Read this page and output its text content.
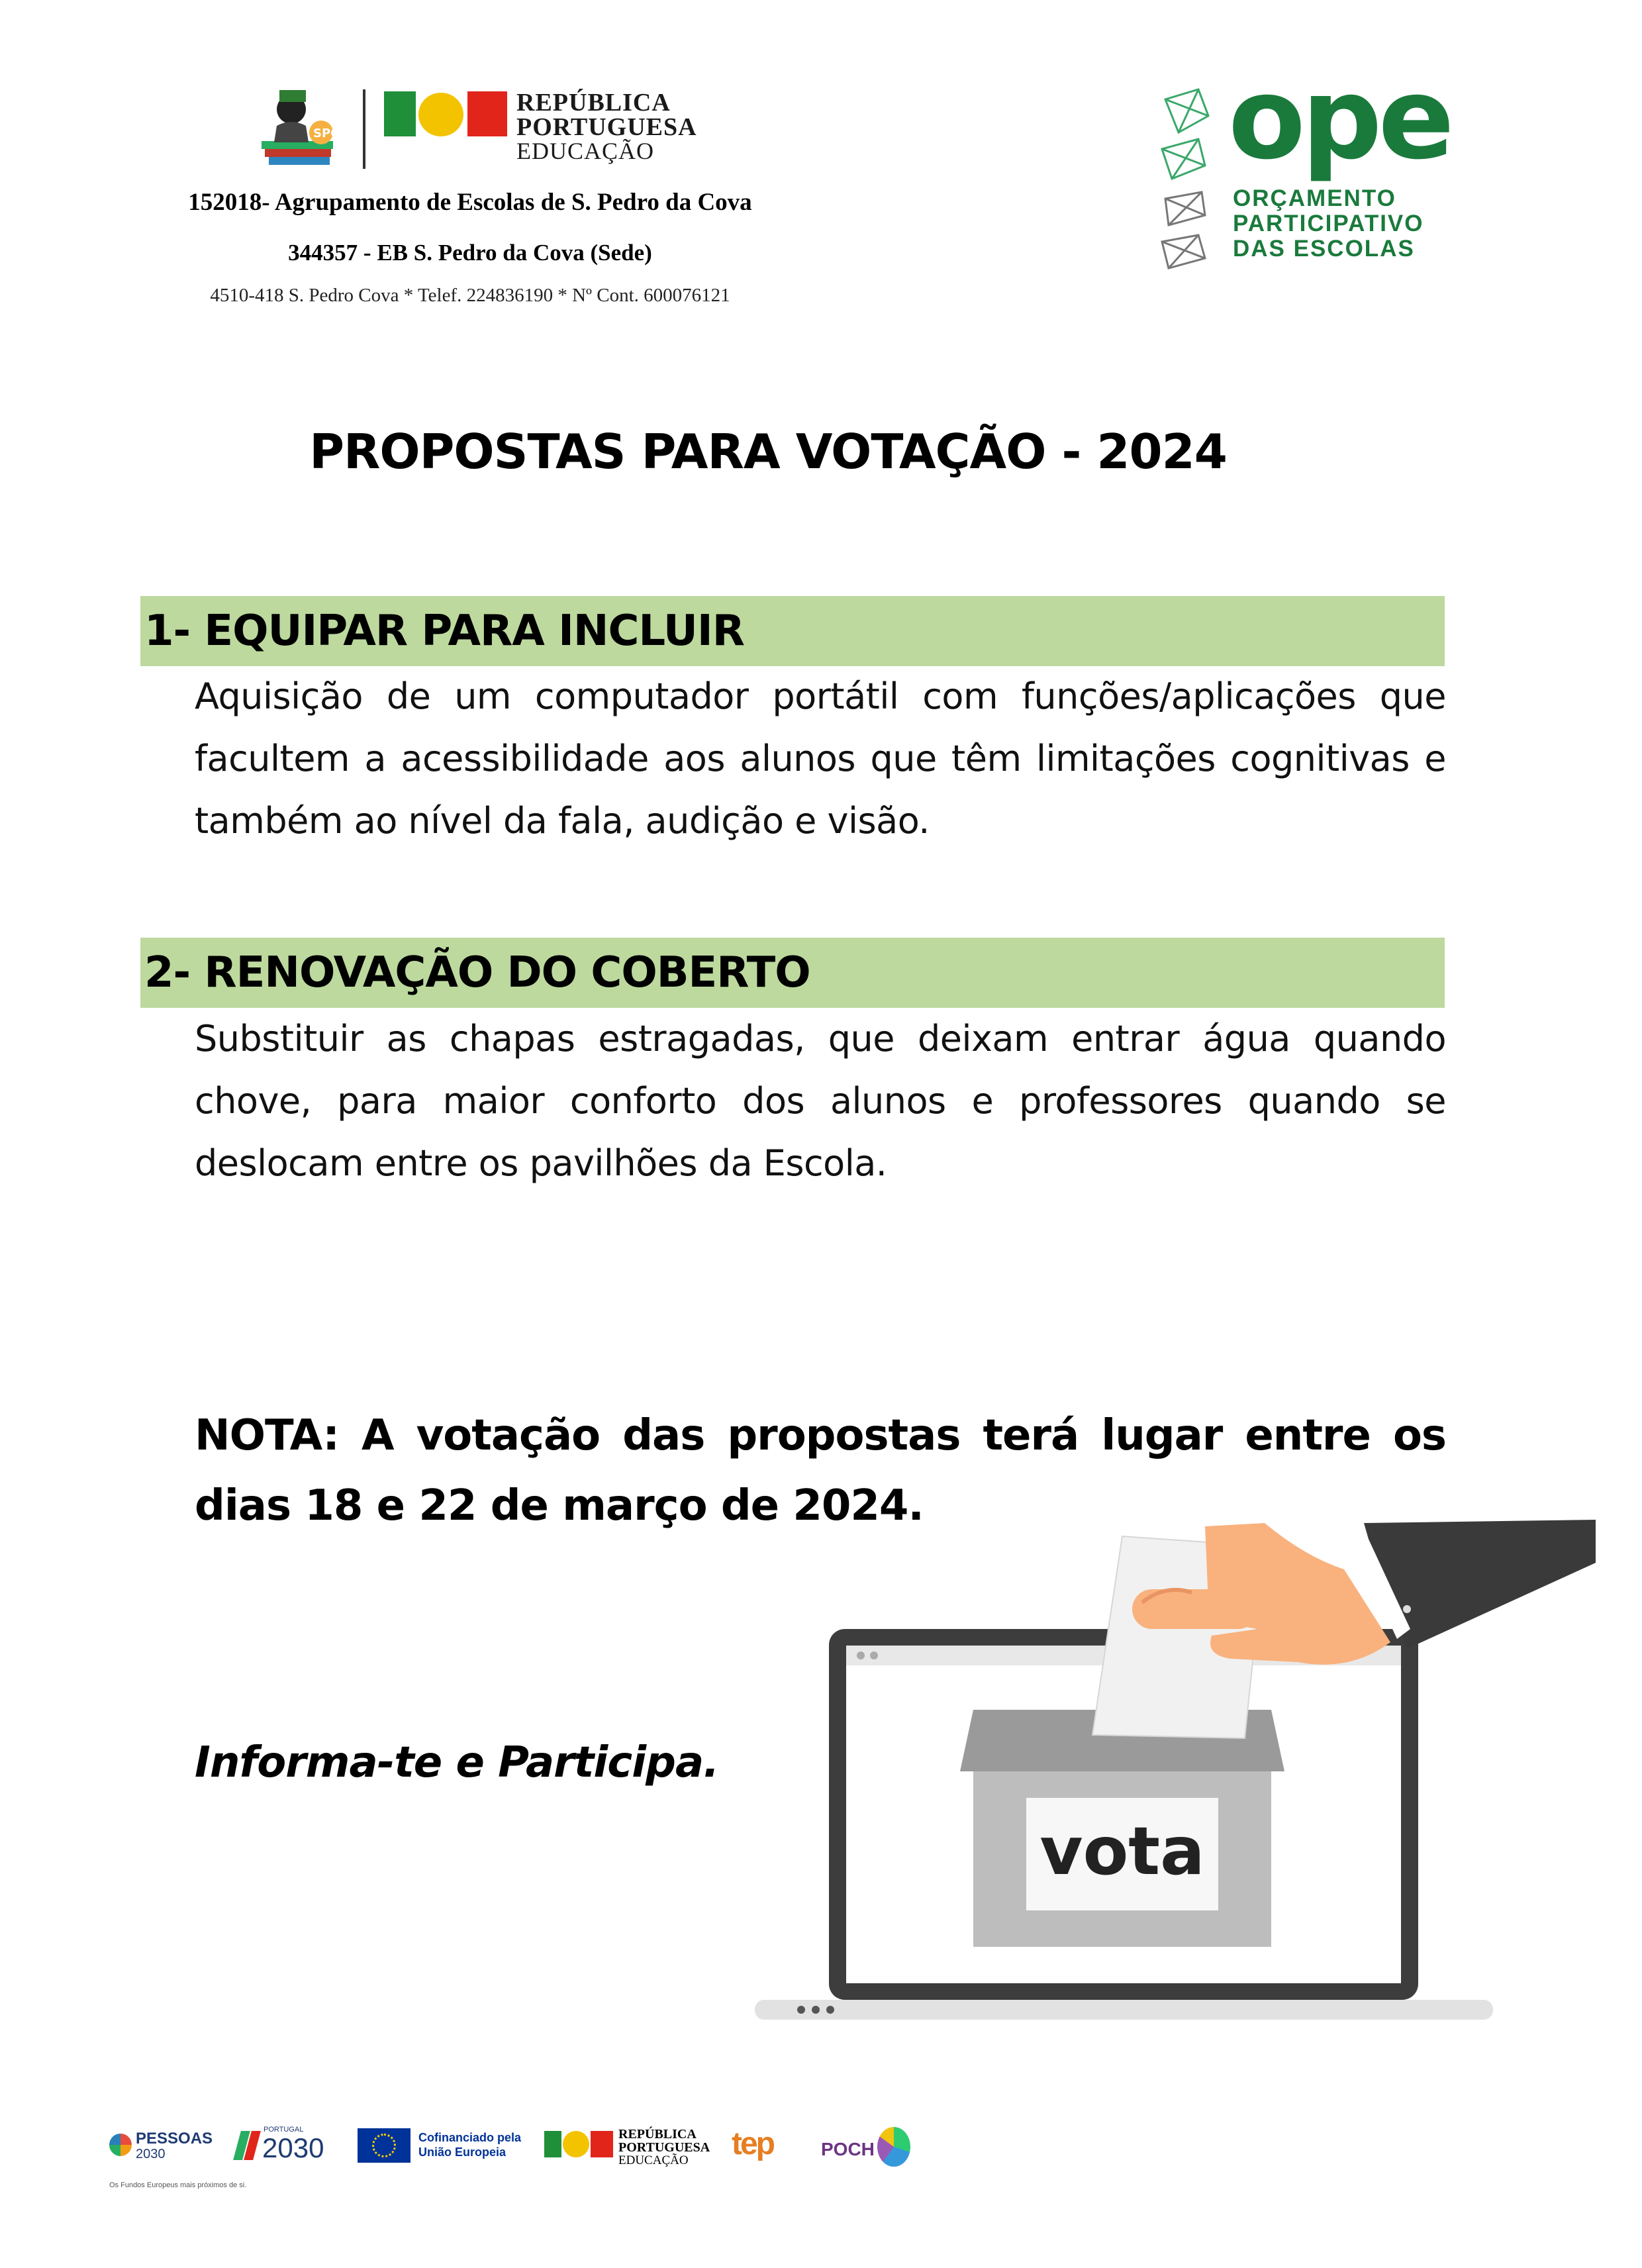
SPC
REPÚBLICA
PORTUGUESA
EDUCAÇÃO
152018- Agrupamento de Escolas de S. Pedro da Cova
344357 - EB S. Pedro da Cova (Sede)
4510-418 S. Pedro Cova * Telef. 224836190 * Nº Cont. 600076121
ope
ORÇAMENTO
PARTICIPATIVO
DAS ESCOLAS
PROPOSTAS PARA VOTAÇÃO - 2024
1- EQUIPAR PARA INCLUIR
Aquisição de um computador portátil com funções/aplicações que facultem a acessibilidade aos alunos que têm limitações cognitivas e também ao nível da fala, audição e visão.
2- RENOVAÇÃO DO COBERTO
Substituir as chapas estragadas, que deixam entrar água quando chove, para maior conforto dos alunos e professores quando se deslocam entre os pavilhões da Escola.
NOTA: A votação das propostas terá lugar entre os dias 18 e 22 de março de 2024.
Informa-te e Participa.
vota
PESSOAS
2030
Os Fundos Europeus mais próximos de si.
PORTUGAL
2030	Cofinanciado pela
União Europeia
REPÚBLICA
PORTUGUESA
EDUCAÇÃO tep	POCH
